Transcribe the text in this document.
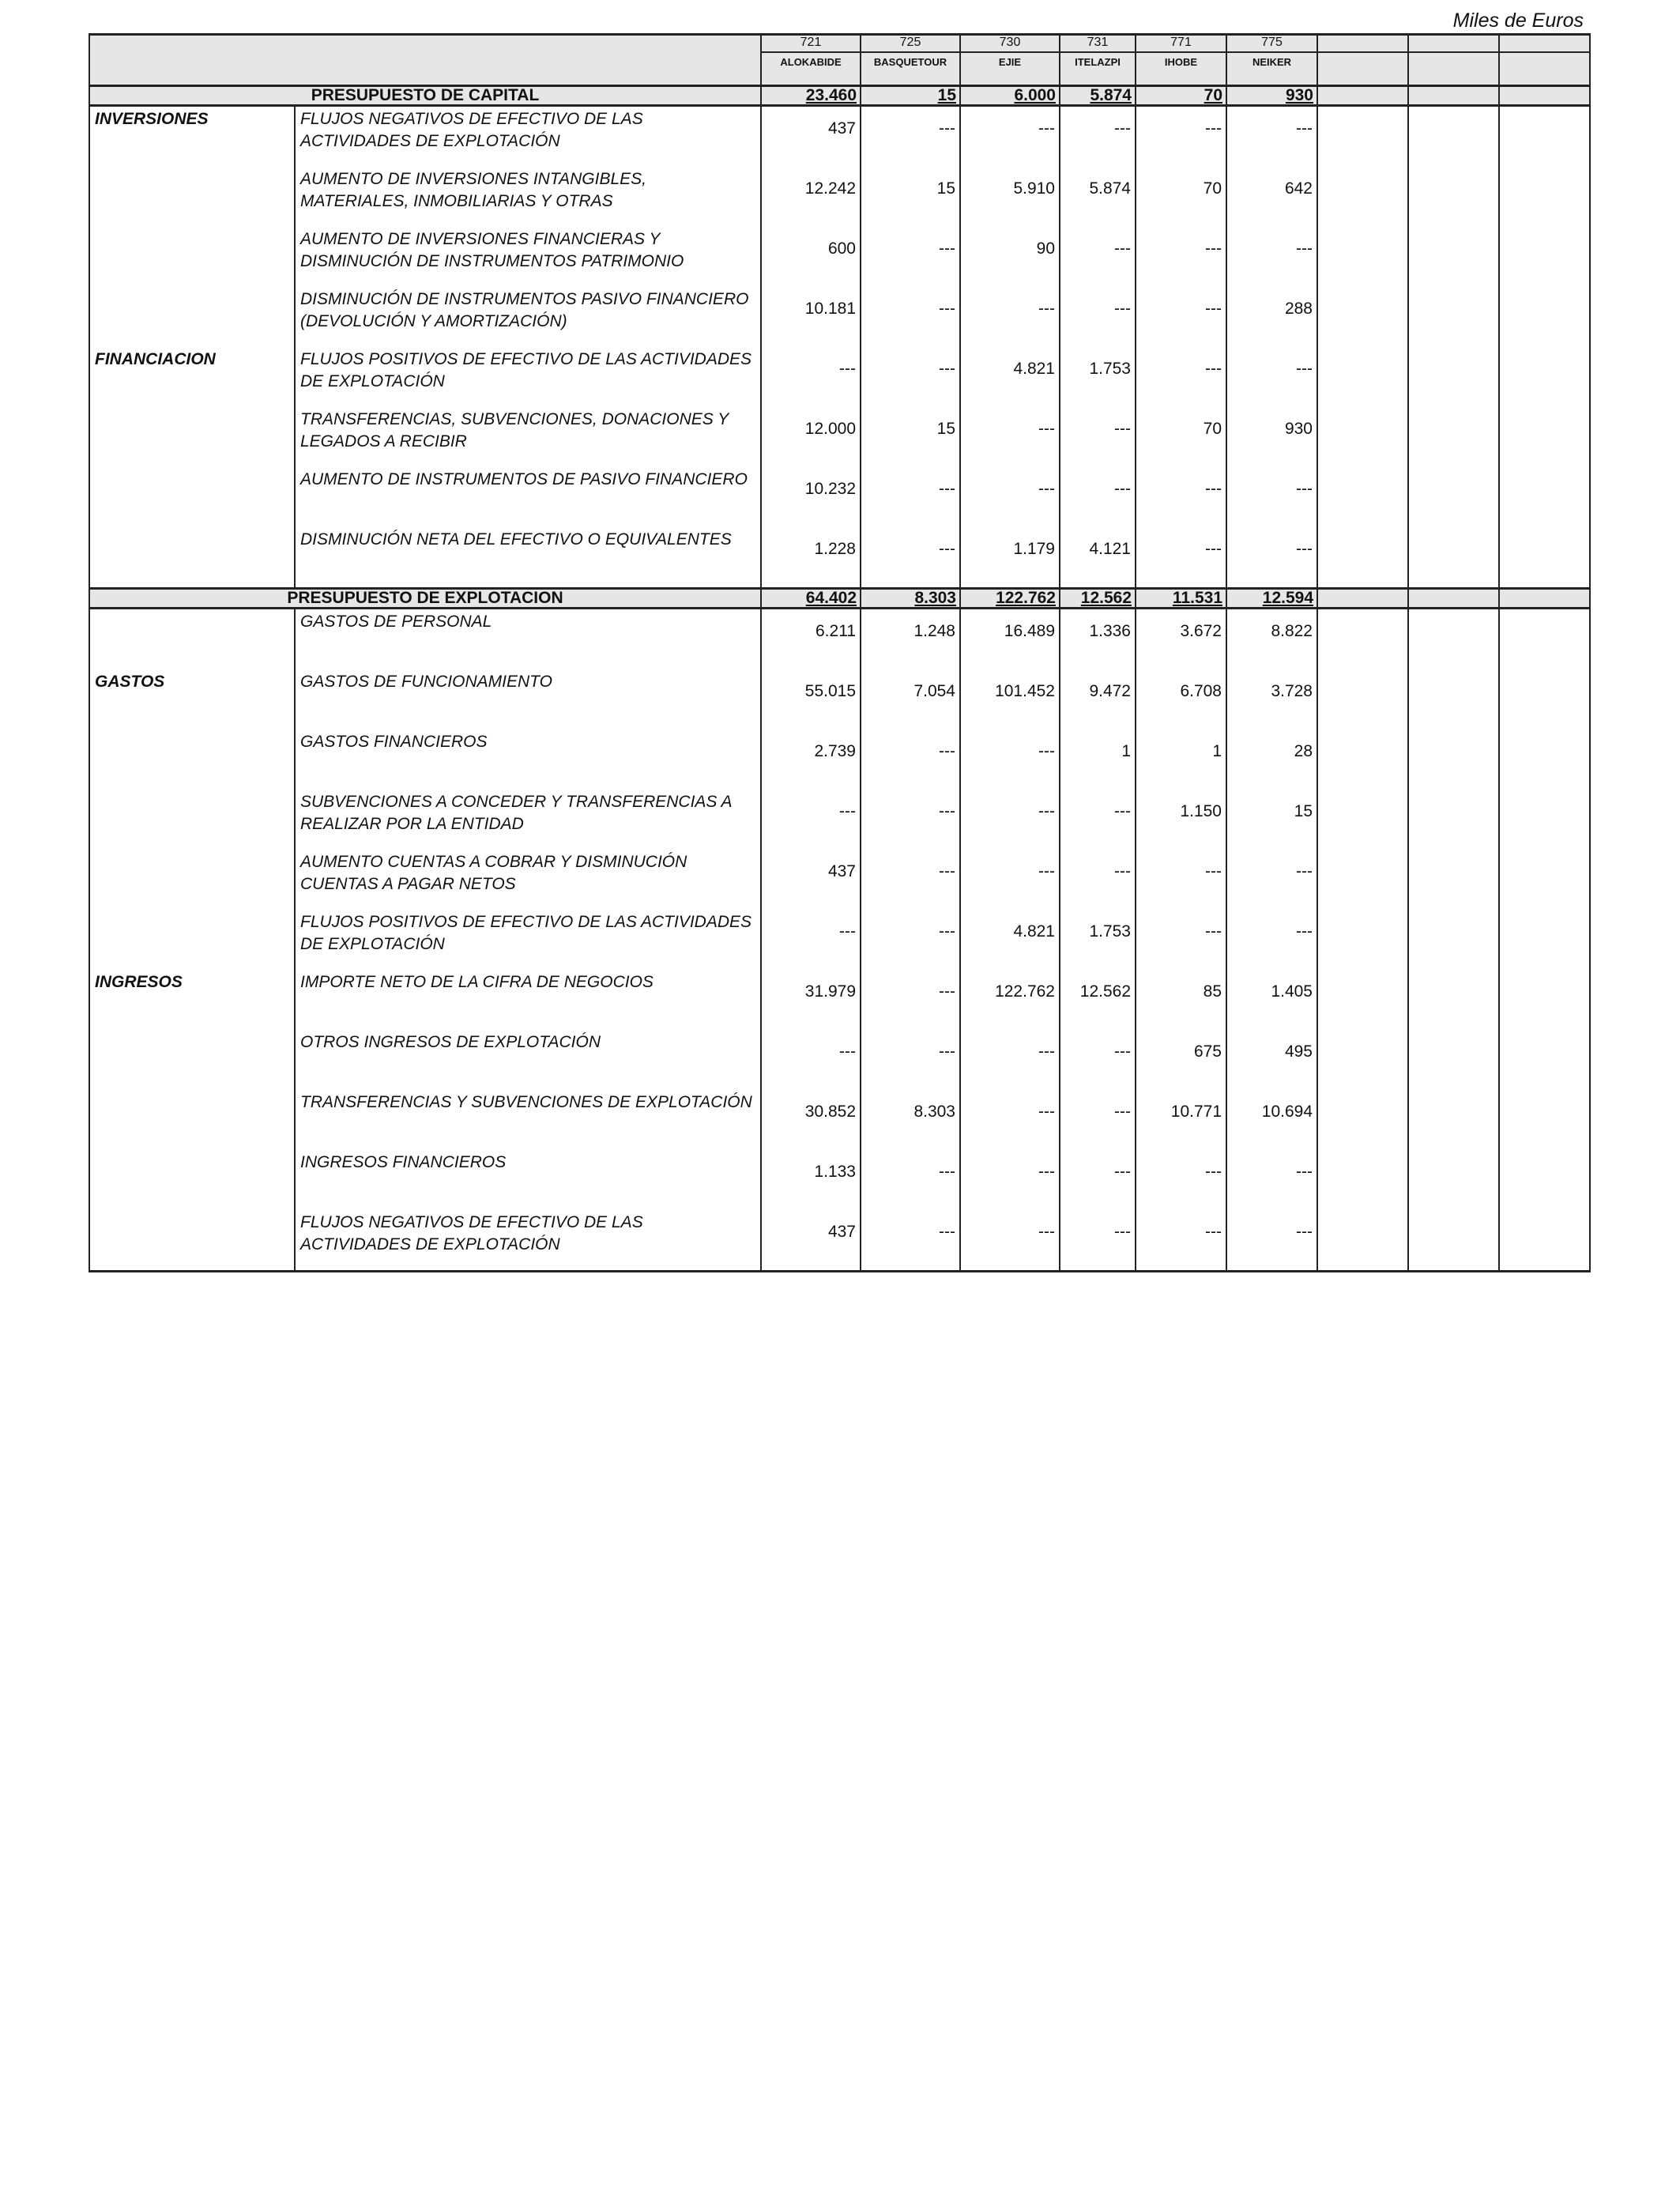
Miles de Euros
		721	725	730	731	771	775			

		ALOKABIDE	BASQUETOUR	EJIE	ITELAZPI	IHOBE	NEIKER			

PRESUPUESTO DE CAPITAL		23.460	15	6.000	5.874	70	930			
INVERSIONES	FLUJOS NEGATIVOS DE EFECTIVO DE LAS ACTIVIDADES DE EXPLOTACIÓN	437	---	---	---	---	---			
	AUMENTO DE INVERSIONES INTANGIBLES, MATERIALES, INMOBILIARIAS Y OTRAS	12.242	15	5.910	5.874	70	642			
	AUMENTO DE INVERSIONES FINANCIERAS Y DISMINUCIÓN DE INSTRUMENTOS PATRIMONIO	600	---	90	---	---	---			
	DISMINUCIÓN DE INSTRUMENTOS PASIVO FINANCIERO (DEVOLUCIÓN Y AMORTIZACIÓN)	10.181	---	---	---	---	288			
FINANCIACION	FLUJOS POSITIVOS DE EFECTIVO DE LAS ACTIVIDADES DE EXPLOTACIÓN	---	---	4.821	1.753	---	---			
	TRANSFERENCIAS, SUBVENCIONES, DONACIONES Y LEGADOS A RECIBIR	12.000	15	---	---	70	930			
	AUMENTO DE INSTRUMENTOS DE PASIVO FINANCIERO	10.232	---	---	---	---	---			
	DISMINUCIÓN NETA DEL EFECTIVO O EQUIVALENTES	1.228	---	1.179	4.121	---	---			
PRESUPUESTO DE EXPLOTACION		64.402	8.303	122.762	12.562	11.531	12.594			
	GASTOS DE PERSONAL	6.211	1.248	16.489	1.336	3.672	8.822			
GASTOS	GASTOS DE FUNCIONAMIENTO	55.015	7.054	101.452	9.472	6.708	3.728			
	GASTOS FINANCIEROS	2.739	---	---	1	1	28			
	SUBVENCIONES A CONCEDER Y TRANSFERENCIAS A REALIZAR POR LA ENTIDAD	---	---	---	---	1.150	15			
	AUMENTO CUENTAS A COBRAR Y DISMINUCIÓN CUENTAS A PAGAR NETOS	437	---	---	---	---	---			
	FLUJOS POSITIVOS DE EFECTIVO DE LAS ACTIVIDADES DE EXPLOTACIÓN	---	---	4.821	1.753	---	---			
INGRESOS	IMPORTE NETO DE LA CIFRA DE NEGOCIOS	31.979	---	122.762	12.562	85	1.405			
	OTROS INGRESOS DE EXPLOTACIÓN	---	---	---	---	675	495			
	TRANSFERENCIAS Y SUBVENCIONES DE EXPLOTACIÓN	30.852	8.303	---	---	10.771	10.694			
	INGRESOS FINANCIEROS	1.133	---	---	---	---	---			
	FLUJOS NEGATIVOS DE EFECTIVO DE LAS ACTIVIDADES DE EXPLOTACIÓN	437	---	---	---	---	---			
